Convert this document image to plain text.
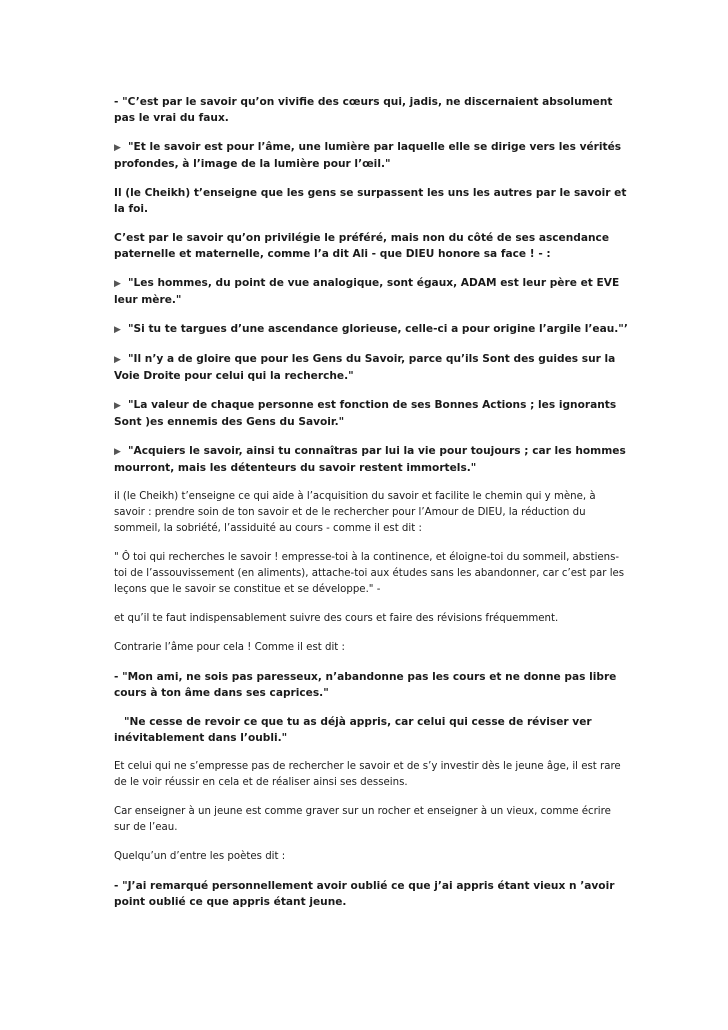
- "C’est par le savoir qu’on vivifie des cœurs qui, jadis, ne discernaient absolument pas le vrai du faux.

▶ "Et le savoir est pour l’âme, une lumière par laquelle elle se dirige vers les vérités profondes, à l’image de la lumière pour l’œil."

Il (le Cheikh) t’enseigne que les gens se surpassent les uns les autres par le savoir et la foi.

C’est par le savoir qu’on privilégie le préféré, mais non du côté de ses ascendance paternelle et maternelle, comme l’a dit Ali - que DIEU honore sa face ! - :

▶ "Les hommes, du point de vue analogique, sont égaux, ADAM est leur père et EVE leur mère."

▶ "Si tu te targues d’une ascendance glorieuse, celle-ci a pour origine l’argile l’eau."’

▶ "Il n’y a de gloire que pour les Gens du Savoir, parce qu’ils Sont des guides sur la Voie Droite pour celui qui la recherche."

▶ "La valeur de chaque personne est fonction de ses Bonnes Actions ; les ignorants Sont )es ennemis des Gens du Savoir."

▶ "Acquiers le savoir, ainsi tu connaîtras par lui la vie pour toujours ; car les hommes mourront, mais les détenteurs du savoir restent immortels."

il (le Cheikh) t’enseigne ce qui aide à l’acquisition du savoir et facilite le chemin qui y mène, à savoir : prendre soin de ton savoir et de le rechercher pour l’Amour de DIEU, la réduction du sommeil, la sobriété, l’assiduité au cours - comme il est dit :

" Ô toi qui recherches le savoir ! empresse-toi à la continence, et éloigne-toi du sommeil, abstiens-toi de l’assouvissement (en aliments), attache-toi aux études sans les abandonner, car c’est par les leçons que le savoir se constitue et se développe." -

et qu’il te faut indispensablement suivre des cours et faire des révisions fréquemment.

Contrarie l’âme pour cela ! Comme il est dit :

- "Mon ami, ne sois pas paresseux, n’abandonne pas les cours et ne donne pas libre cours à ton âme dans ses caprices."

"Ne cesse de revoir ce que tu as déjà appris, car celui qui cesse de réviser ver inévitablement dans l’oubli."

Et celui qui ne s’empresse pas de rechercher le savoir et de s’y investir dès le jeune âge, il est rare de le voir réussir en cela et de réaliser ainsi ses desseins.

Car enseigner à un jeune est comme graver sur un rocher et enseigner à un vieux, comme écrire sur de l’eau.

Quelqu’un d’entre les poètes dit :

- "J’ai remarqué personnellement avoir oublié ce que j’ai appris étant vieux n ’avoir point oublié ce que appris étant jeune.
